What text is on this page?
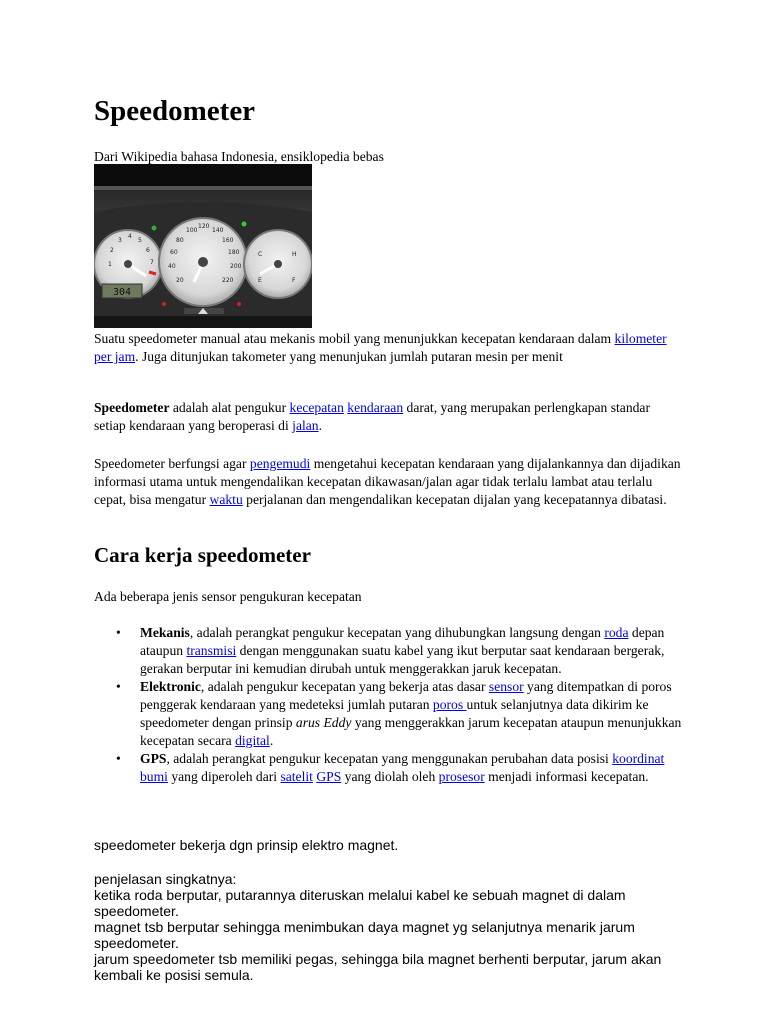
Speedometer
Dari Wikipedia bahasa Indonesia, ensiklopedia bebas
304
1
2
3
4
5
6
7
20
40
60
80
100
120
140
160
180
200
220
C	H
E	F

Suatu speedometer manual atau mekanis mobil yang menunjukkan kecepatan kendaraan dalam kilometer per jam. Juga ditunjukan takometer yang menunjukan jumlah putaran mesin per menit

Speedometer adalah alat pengukur kecepatan kendaraan darat, yang merupakan perlengkapan standar setiap kendaraan yang beroperasi di jalan.

Speedometer berfungsi agar pengemudi mengetahui kecepatan kendaraan yang dijalankannya dan dijadikan informasi utama untuk mengendalikan kecepatan dikawasan/jalan agar tidak terlalu lambat atau terlalu cepat, bisa mengatur waktu perjalanan dan mengendalikan kecepatan dijalan yang kecepatannya dibatasi.

Cara kerja speedometer

Ada beberapa jenis sensor pengukuran kecepatan

• Mekanis, adalah perangkat pengukur kecepatan yang dihubungkan langsung dengan roda depan ataupun transmisi dengan menggunakan suatu kabel yang ikut berputar saat kendaraan bergerak, gerakan berputar ini kemudian dirubah untuk menggerakkan jaruk kecepatan.
• Elektronic, adalah pengukur kecepatan yang bekerja atas dasar sensor yang ditempatkan di poros penggerak kendaraan yang medeteksi jumlah putaran poros untuk selanjutnya data dikirim ke speedometer dengan prinsip arus Eddy yang menggerakkan jarum kecepatan ataupun menunjukkan kecepatan secara digital.
• GPS, adalah perangkat pengukur kecepatan yang menggunakan perubahan data posisi koordinat bumi yang diperoleh dari satelit GPS yang diolah oleh prosesor menjadi informasi kecepatan.
speedometer bekerja dgn prinsip elektro magnet.
penjelasan singkatnya:
ketika roda berputar, putarannya diteruskan melalui kabel ke sebuah magnet di dalam speedometer.
magnet tsb berputar sehingga menimbukan daya magnet yg selanjutnya menarik jarum speedometer.
jarum speedometer tsb memiliki pegas, sehingga bila magnet berhenti berputar, jarum akan kembali ke posisi semula.
